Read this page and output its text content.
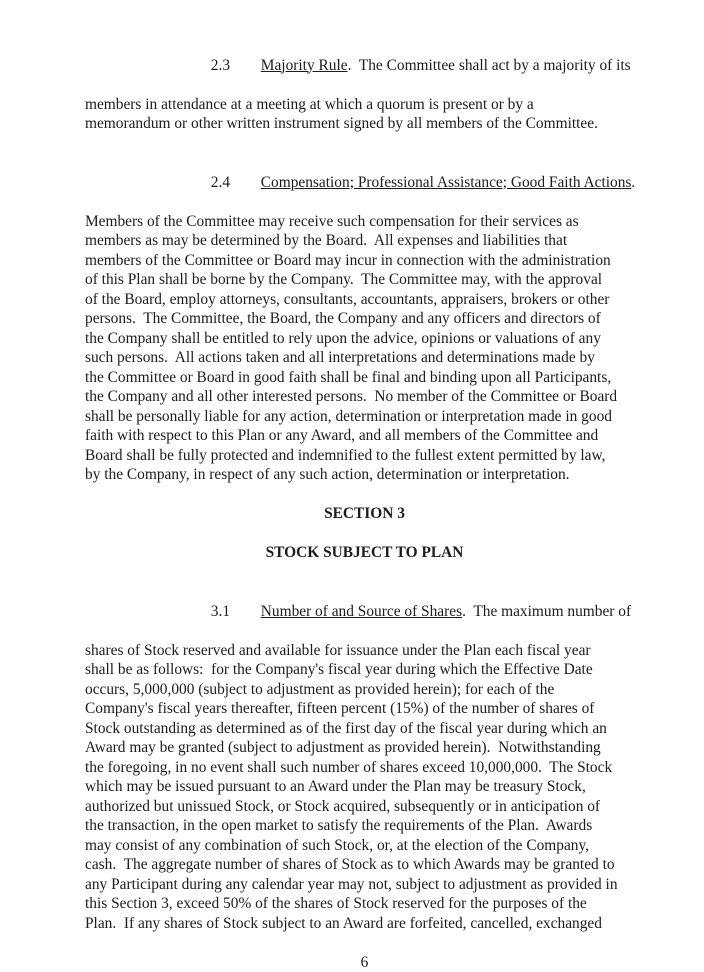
2.3 Majority Rule.  The Committee shall act by a majority of its

members in attendance at a meeting at which a quorum is present or by a
memorandum or other written instrument signed by all members of the Committee.

2.4 Compensation; Professional Assistance; Good Faith Actions.

Members of the Committee may receive such compensation for their services as
members as may be determined by the Board.  All expenses and liabilities that
members of the Committee or Board may incur in connection with the administration
of this Plan shall be borne by the Company.  The Committee may, with the approval
of the Board, employ attorneys, consultants, accountants, appraisers, brokers or other
persons.  The Committee, the Board, the Company and any officers and directors of
the Company shall be entitled to rely upon the advice, opinions or valuations of any
such persons.  All actions taken and all interpretations and determinations made by
the Committee or Board in good faith shall be final and binding upon all Participants,
the Company and all other interested persons.  No member of the Committee or Board
shall be personally liable for any action, determination or interpretation made in good
faith with respect to this Plan or any Award, and all members of the Committee and
Board shall be fully protected and indemnified to the fullest extent permitted by law,
by the Company, in respect of any such action, determination or interpretation.
SECTION 3
STOCK SUBJECT TO PLAN

3.1 Number of and Source of Shares.  The maximum number of

shares of Stock reserved and available for issuance under the Plan each fiscal year
shall be as follows:  for the Company's fiscal year during which the Effective Date
occurs, 5,000,000 (subject to adjustment as provided herein); for each of the
Company's fiscal years thereafter, fifteen percent (15%) of the number of shares of
Stock outstanding as determined as of the first day of the fiscal year during which an
Award may be granted (subject to adjustment as provided herein).  Notwithstanding
the foregoing, in no event shall such number of shares exceed 10,000,000.  The Stock
which may be issued pursuant to an Award under the Plan may be treasury Stock,
authorized but unissued Stock, or Stock acquired, subsequently or in anticipation of
the transaction, in the open market to satisfy the requirements of the Plan.  Awards
may consist of any combination of such Stock, or, at the election of the Company,
cash.  The aggregate number of shares of Stock as to which Awards may be granted to
any Participant during any calendar year may not, subject to adjustment as provided in
this Section 3, exceed 50% of the shares of Stock reserved for the purposes of the
Plan.  If any shares of Stock subject to an Award are forfeited, cancelled, exchanged
6
